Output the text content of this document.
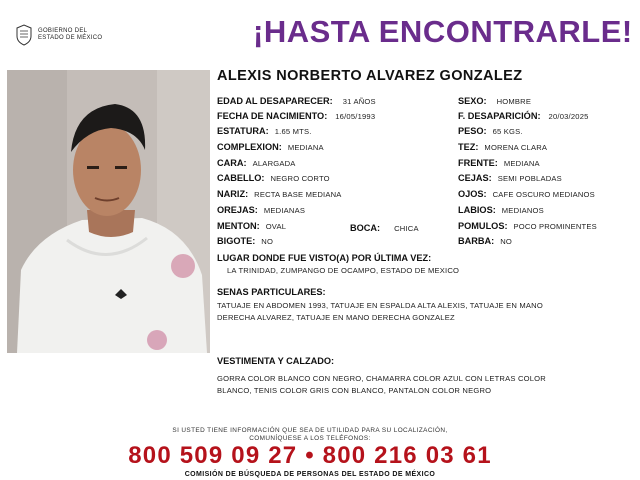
GOBIERNO DEL
ESTADO DE MÉXICO	¡HASTA ENCONTRARLE!
ALEXIS NORBERTO ALVAREZ GONZALEZ
EDAD AL DESAPARECER: 31 AÑOS
FECHA DE NACIMIENTO: 16/05/1993
ESTATURA: 1.65 MTS.
COMPLEXION: MEDIANA
CARA: ALARGADA
CABELLO: NEGRO CORTO
NARIZ: RECTA BASE MEDIANA
OREJAS: MEDIANAS
MENTON: OVAL	BOCA: CHICA
BIGOTE: NO
SEXO: HOMBRE
F. DESAPARICIÓN: 20/03/2025
PESO: 65 KGS.
TEZ: MORENA CLARA
FRENTE: MEDIANA
CEJAS: SEMI POBLADAS
OJOS: CAFE OSCURO MEDIANOS
LABIOS: MEDIANOS
POMULOS: POCO PROMINENTES
BARBA: NO
LUGAR DONDE FUE VISTO(A) POR ÚLTIMA VEZ:
LA TRINIDAD, ZUMPANGO DE OCAMPO, ESTADO DE MEXICO
SENAS PARTICULARES:
TATUAJE EN ABDOMEN 1993, TATUAJE EN ESPALDA ALTA ALEXIS, TATUAJE EN MANO
DERECHA ALVAREZ, TATUAJE EN MANO DERECHA GONZALEZ
VESTIMENTA Y CALZADO:
GORRA COLOR BLANCO CON NEGRO, CHAMARRA COLOR AZUL CON LETRAS COLOR
BLANCO, TENIS COLOR GRIS CON BLANCO, PANTALON COLOR NEGRO
SI USTED TIENE INFORMACIÓN QUE SEA DE UTILIDAD PARA SU LOCALIZACIÓN,
COMUNÍQUESE A LOS TELÉFONOS:
800 509 09 27 • 800 216 03 61
COMISIÓN DE BÚSQUEDA DE PERSONAS DEL ESTADO DE MÉXICO
